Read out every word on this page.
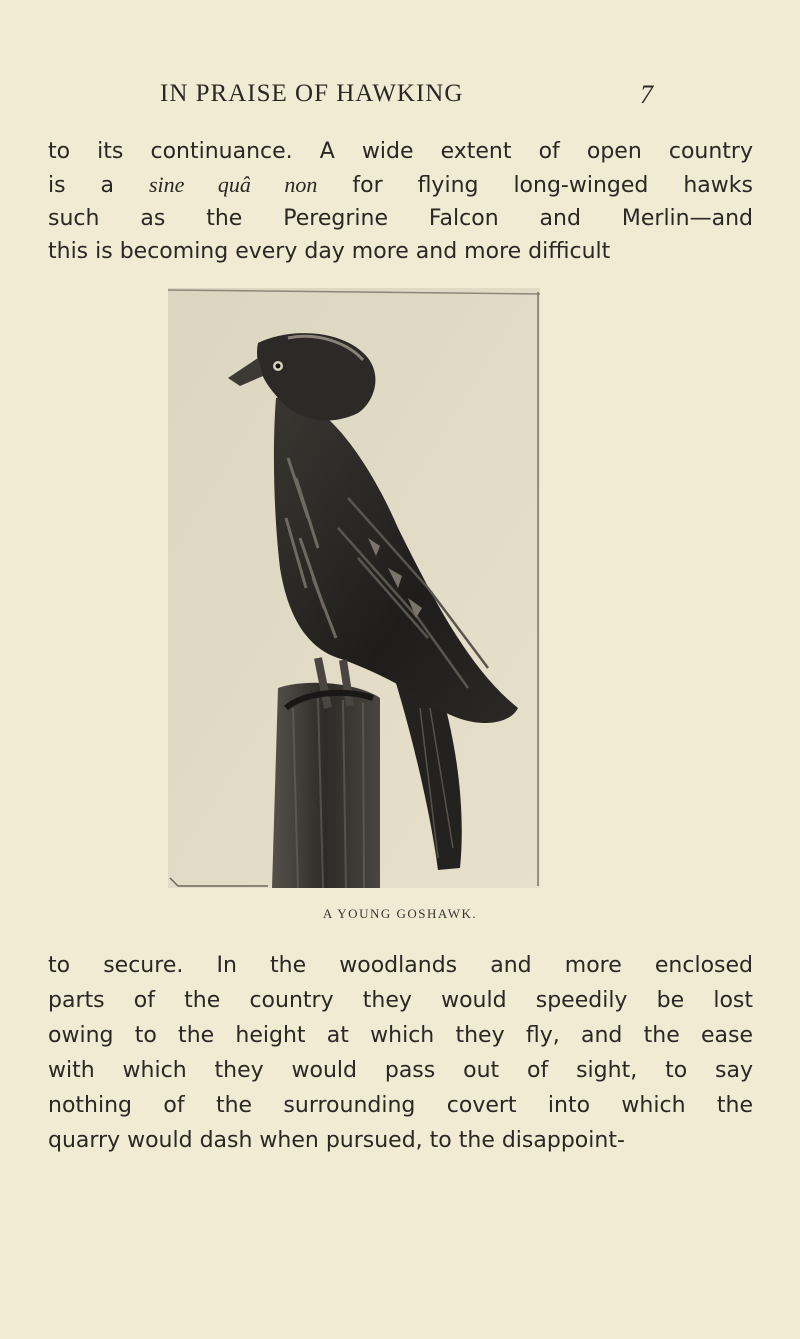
IN PRAISE OF HAWKING	7

to its continuance. A wide extent of open country
is a sine quâ non for flying long-winged hawks
such as the Peregrine Falcon and Merlin—and
this is becoming every day more and more difficult

A YOUNG GOSHAWK.

to secure. In the woodlands and more enclosed
parts of the country they would speedily be lost
owing to the height at which they fly, and the ease
with which they would pass out of sight, to say
nothing of the surrounding covert into which the
quarry would dash when pursued, to the disappoint-
